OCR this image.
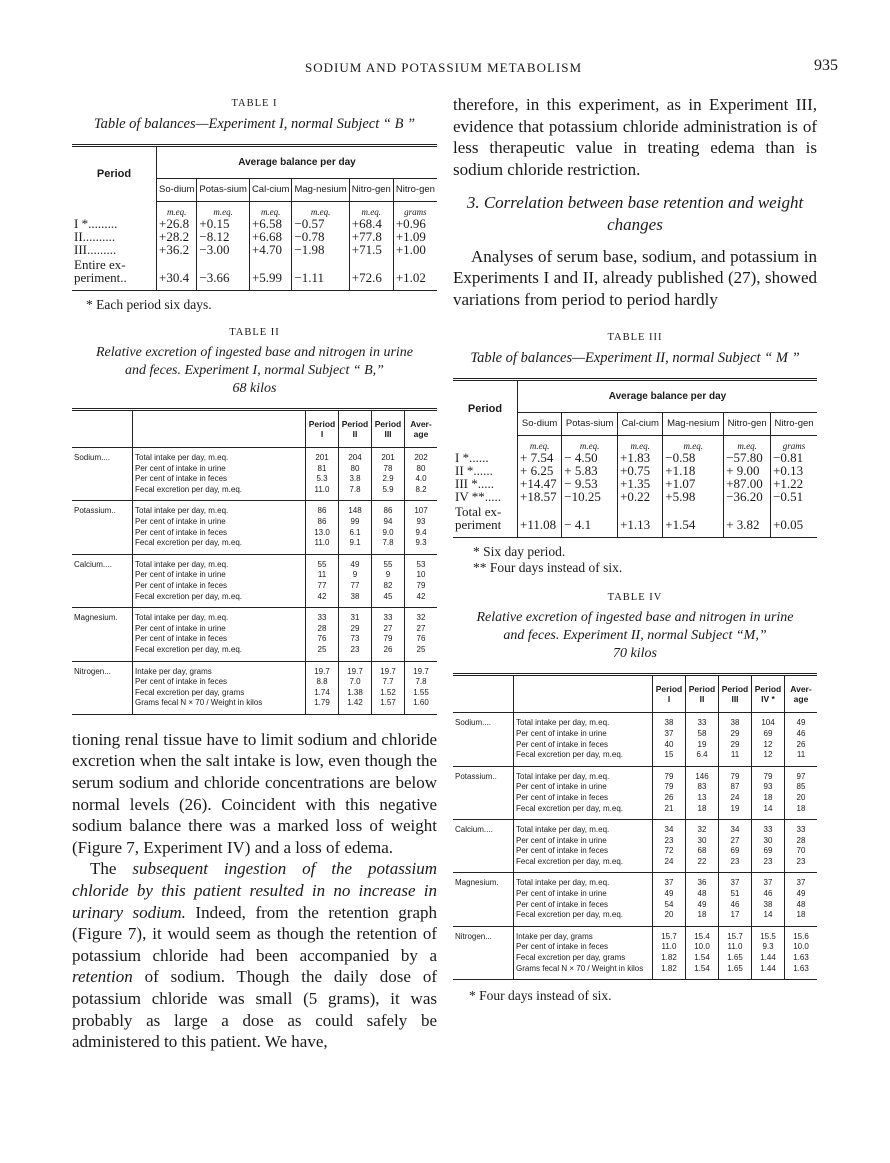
SODIUM AND POTASSIUM METABOLISM	935
TABLE I
Table of balances—Experiment I, normal Subject “ B ”
Period	Average balance per day					
	So-dium	Potas-sium	Cal-cium	Mag-nesium	Nitro-gen	Nitro-gen
	m.eq.	m.eq.	m.eq.	m.eq.	m.eq.	grams
I *.........	+26.8	+0.15	+6.58	−0.57	+68.4	+0.96
II..........	+28.2	−8.12	+6.68	−0.78	+77.8	+1.09
III.........	+36.2	−3.00	+4.70	−1.98	+71.5	+1.00
Entire ex-periment..	+30.4	−3.66	+5.99	−1.11	+72.6	+1.02
* Each period six days.
TABLE II
Relative excretion of ingested base and nitrogen in urine
and feces. Experiment I, normal Subject “ B,”
68 kilos
		Period I	Period II	Period III	Aver-age
Sodium....	Total intake per day, m.eq.	201	204	201	202
	Per cent of intake in urine	81	80	78	80
	Per cent of intake in feces	5.3	3.8	2.9	4.0
	Fecal excretion per day, m.eq.	11.0	7.8	5.9	8.2
Potassium..	Total intake per day, m.eq.	86	148	86	107
	Per cent of intake in urine	86	99	94	93
	Per cent of intake in feces	13.0	6.1	9.0	9.4
	Fecal excretion per day, m.eq.	11.0	9.1	7.8	9.3
Calcium....	Total intake per day, m.eq.	55	49	55	53
	Per cent of intake in urine	11	9	9	10
	Per cent of intake in feces	77	77	82	79
	Fecal excretion per day, m.eq.	42	38	45	42
Magnesium.	Total intake per day, m.eq.	33	31	33	32
	Per cent of intake in urine	28	29	27	27
	Per cent of intake in feces	76	73	79	76
	Fecal excretion per day, m.eq.	25	23	26	25
Nitrogen...	Intake per day, grams	19.7	19.7	19.7	19.7
	Per cent of intake in feces	8.8	7.0	7.7	7.8
	Fecal excretion per day, grams	1.74	1.38	1.52	1.55
	Grams fecal N × 70 / Weight in kilos	1.79	1.42	1.57	1.60

tioning renal tissue have to limit sodium and chloride excretion when the salt intake is low, even though the serum sodium and chloride concentrations are below normal levels (26). Coincident with this negative sodium balance there was a marked loss of weight (Figure 7, Experiment IV) and a loss of edema.

The subsequent ingestion of the potassium chloride by this patient resulted in no increase in urinary sodium. Indeed, from the retention graph (Figure 7), it would seem as though the retention of potassium chloride had been accompanied by a retention of sodium. Though the daily dose of potassium chloride was small (5 grams), it was probably as large a dose as could safely be administered to this patient. We have,

therefore, in this experiment, as in Experiment III, evidence that potassium chloride administration is of less therapeutic value in treating edema than is sodium chloride restriction.

3. Correlation between base retention and weight changes

Analyses of serum base, sodium, and potassium in Experiments I and II, already published (27), showed variations from period to period hardly

TABLE III
Table of balances—Experiment II, normal Subject “ M ”
Period	Average balance per day					
	So-dium	Potas-sium	Cal-cium	Mag-nesium	Nitro-gen	Nitro-gen
	m.eq.	m.eq.	m.eq.	m.eq.	m.eq.	grams
I *......	+ 7.54	− 4.50	+1.83	−0.58	−57.80	−0.81
II *......	+ 6.25	+ 5.83	+0.75	+1.18	+ 9.00	+0.13
III *.....	+14.47	− 9.53	+1.35	+1.07	+87.00	+1.22
IV **.....	+18.57	−10.25	+0.22	+5.98	−36.20	−0.51
Total ex-periment	+11.08	− 4.1	+1.13	+1.54	+ 3.82	+0.05
* Six day period.
** Four days instead of six.
TABLE IV
Relative excretion of ingested base and nitrogen in urine
and feces. Experiment II, normal Subject “M,”
70 kilos
		Period I	Period II	Period III	Period IV *	Aver-age
Sodium....	Total intake per day, m.eq.	38	33	38	104	49
	Per cent of intake in urine	37	58	29	69	46
	Per cent of intake in feces	40	19	29	12	26
	Fecal excretion per day, m.eq.	15	6.4	11	12	11
Potassium..	Total intake per day, m.eq.	79	146	79	79	97
	Per cent of intake in urine	79	83	87	93	85
	Per cent of intake in feces	26	13	24	18	20
	Fecal excretion per day, m.eq.	21	18	19	14	18
Calcium....	Total intake per day, m.eq.	34	32	34	33	33
	Per cent of intake in urine	23	30	27	30	28
	Per cent of intake in feces	72	68	69	69	70
	Fecal excretion per day, m.eq.	24	22	23	23	23
Magnesium.	Total intake per day, m.eq.	37	36	37	37	37
	Per cent of intake in urine	49	48	51	46	49
	Per cent of intake in feces	54	49	46	38	48
	Fecal excretion per day, m.eq.	20	18	17	14	18
Nitrogen...	Intake per day, grams	15.7	15.4	15.7	15.5	15.6
	Per cent of intake in feces	11.0	10.0	11.0	9.3	10.0
	Fecal excretion per day, grams	1.82	1.54	1.65	1.44	1.63
	Grams fecal N × 70 / Weight in kilos	1.82	1.54	1.65	1.44	1.63
* Four days instead of six.
